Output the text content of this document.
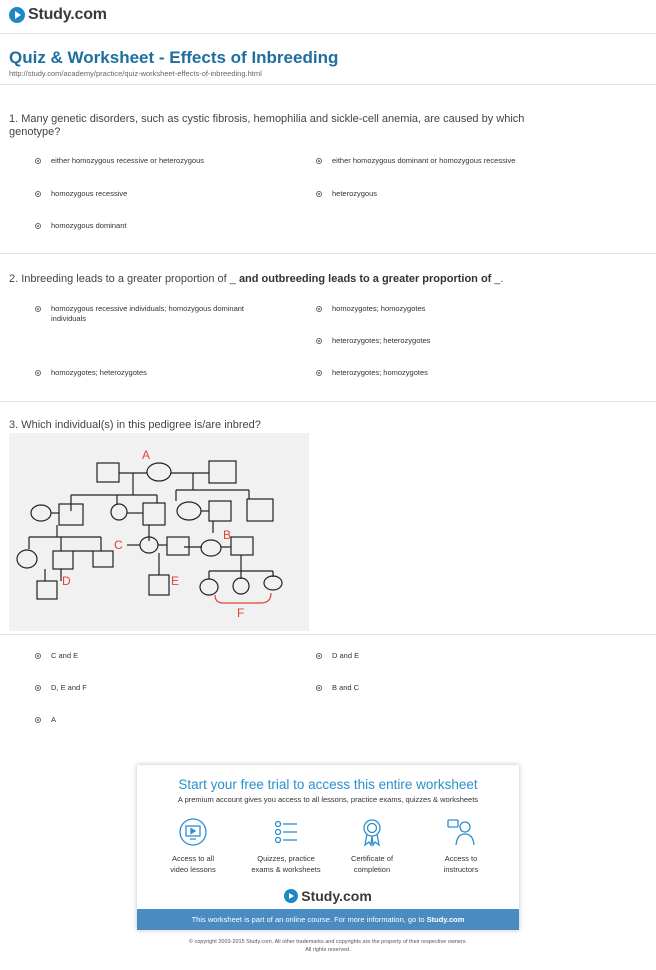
Study.com
Quiz & Worksheet - Effects of Inbreeding
http://study.com/academy/practice/quiz-worksheet-effects-of-inbreeding.html
1. Many genetic disorders, such as cystic fibrosis, hemophilia and sickle-cell anemia, are caused by which genotype?
either homozygous recessive or heterozygous	either homozygous dominant or homozygous recessive
homozygous recessive	heterozygous
homozygous dominant
2. Inbreeding leads to a greater proportion of _ and outbreeding leads to a greater proportion of _.
homozygous recessive individuals; homozygous dominant individuals
homozygotes; homozygotes
heterozygotes; heterozygotes
homozygotes; heterozygotes	heterozygotes; homozygotes
3. Which individual(s) in this pedigree is/are inbred?
A
B
C
D	E
F
C and E	D and E
D, E and F	B and C
A
Start your free trial to access this entire worksheet
A premium account gives you access to all lessons, practice exams, quizzes & worksheets
Access to all
video lessons
Quizzes, practice
exams & worksheets
Certificate of
completion
Access to
instructors
Study.com
This worksheet is part of an online course. For more information, go to Study.com
© copyright 2003-2015 Study.com. All other trademarks and copyrights are the property of their respective owners.
All rights reserved.
